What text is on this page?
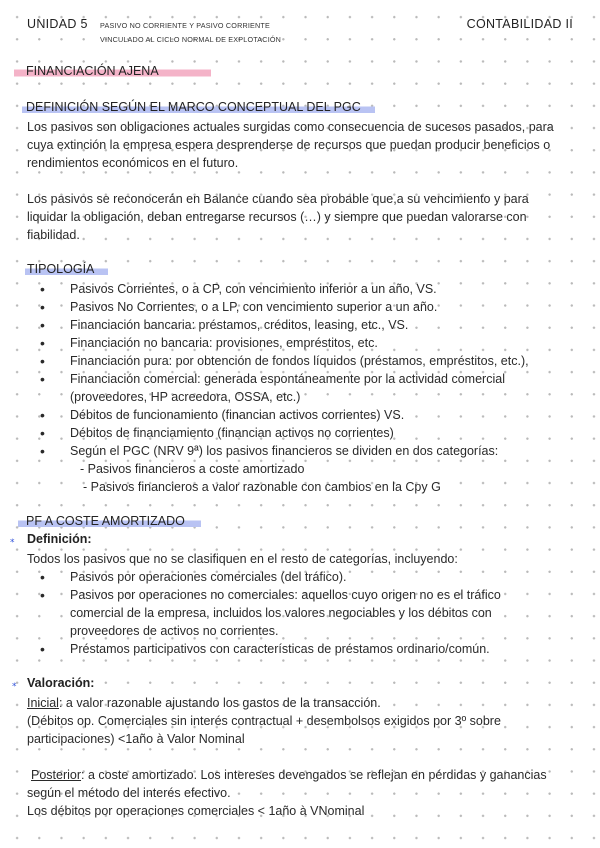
UNIDAD 5 PASIVO NO CORRIENTE Y PASIVO CORRIENTE
VINCULADO AL CICLO NORMAL DE EXPLOTACIÓN
CONTABILIDAD II
FINANCIACIÓN AJENA
DEFINICIÓN SEGÚN EL MARCO CONCEPTUAL DEL PGC
Los pasivos son obligaciones actuales surgidas como consecuencia de sucesos pasados, para cuya extinción la empresa espera desprenderse de recursos que puedan producir beneficios o rendimientos económicos en el futuro.
Los pasivos se reconocerán en Balance cuando sea probable que,a su vencimiento y para liquidar la obligación, deban entregarse recursos (…) y siempre que puedan valorarse con fiabilidad.
TIPOLOGÍA
• Pasivos Corrientes, o a CP, con vencimiento inferior a un año, VS.
• Pasivos No Corrientes, o a LP, con vencimiento superior a un año.
• Financiación bancaria: préstamos, créditos, leasing, etc., VS.
• Financiación no bancaria: provisiones, empréstitos, etc.
• Financiación pura: por obtención de fondos líquidos (préstamos, empréstitos, etc.),
• Financiación comercial: generada espontáneamente por la actividad comercial (proveedores, HP acreedora, OSSA, etc.)
• Débitos de funcionamiento (financian activos corrientes) VS.
• Débitos de financiamiento (financian activos no corrientes)
• Según el PGC (NRV 9ª) los pasivos financieros se dividen en dos categorías:
- Pasivos financieros a coste amortizado
- Pasivos financieros a valor razonable con cambios en la Cpy G
PF A COSTE AMORTIZADO
⁎ Definición:
Todos los pasivos que no se clasifiquen en el resto de categorías, incluyendo:
• Pasivos por operaciones comerciales (del tráfico).
• Pasivos por operaciones no comerciales: aquellos cuyo origen no es el tráfico comercial de la empresa, incluidos los valores negociables y los débitos con proveedores de activos no corrientes.
• Préstamos participativos con características de préstamos ordinario/común.
⁎ Valoración:
Inicial: a valor razonable ajustando los gastos de la transacción.
(Débitos op. Comerciales sin interés contractual + desembolsos exigidos por 3º sobre participaciones) <1año à Valor Nominal
Posterior: a coste amortizado. Los intereses devengados se reflejan en pérdidas y ganancias según el método del interés efectivo.
Los débitos por operaciones comerciales < 1año à VNominal
